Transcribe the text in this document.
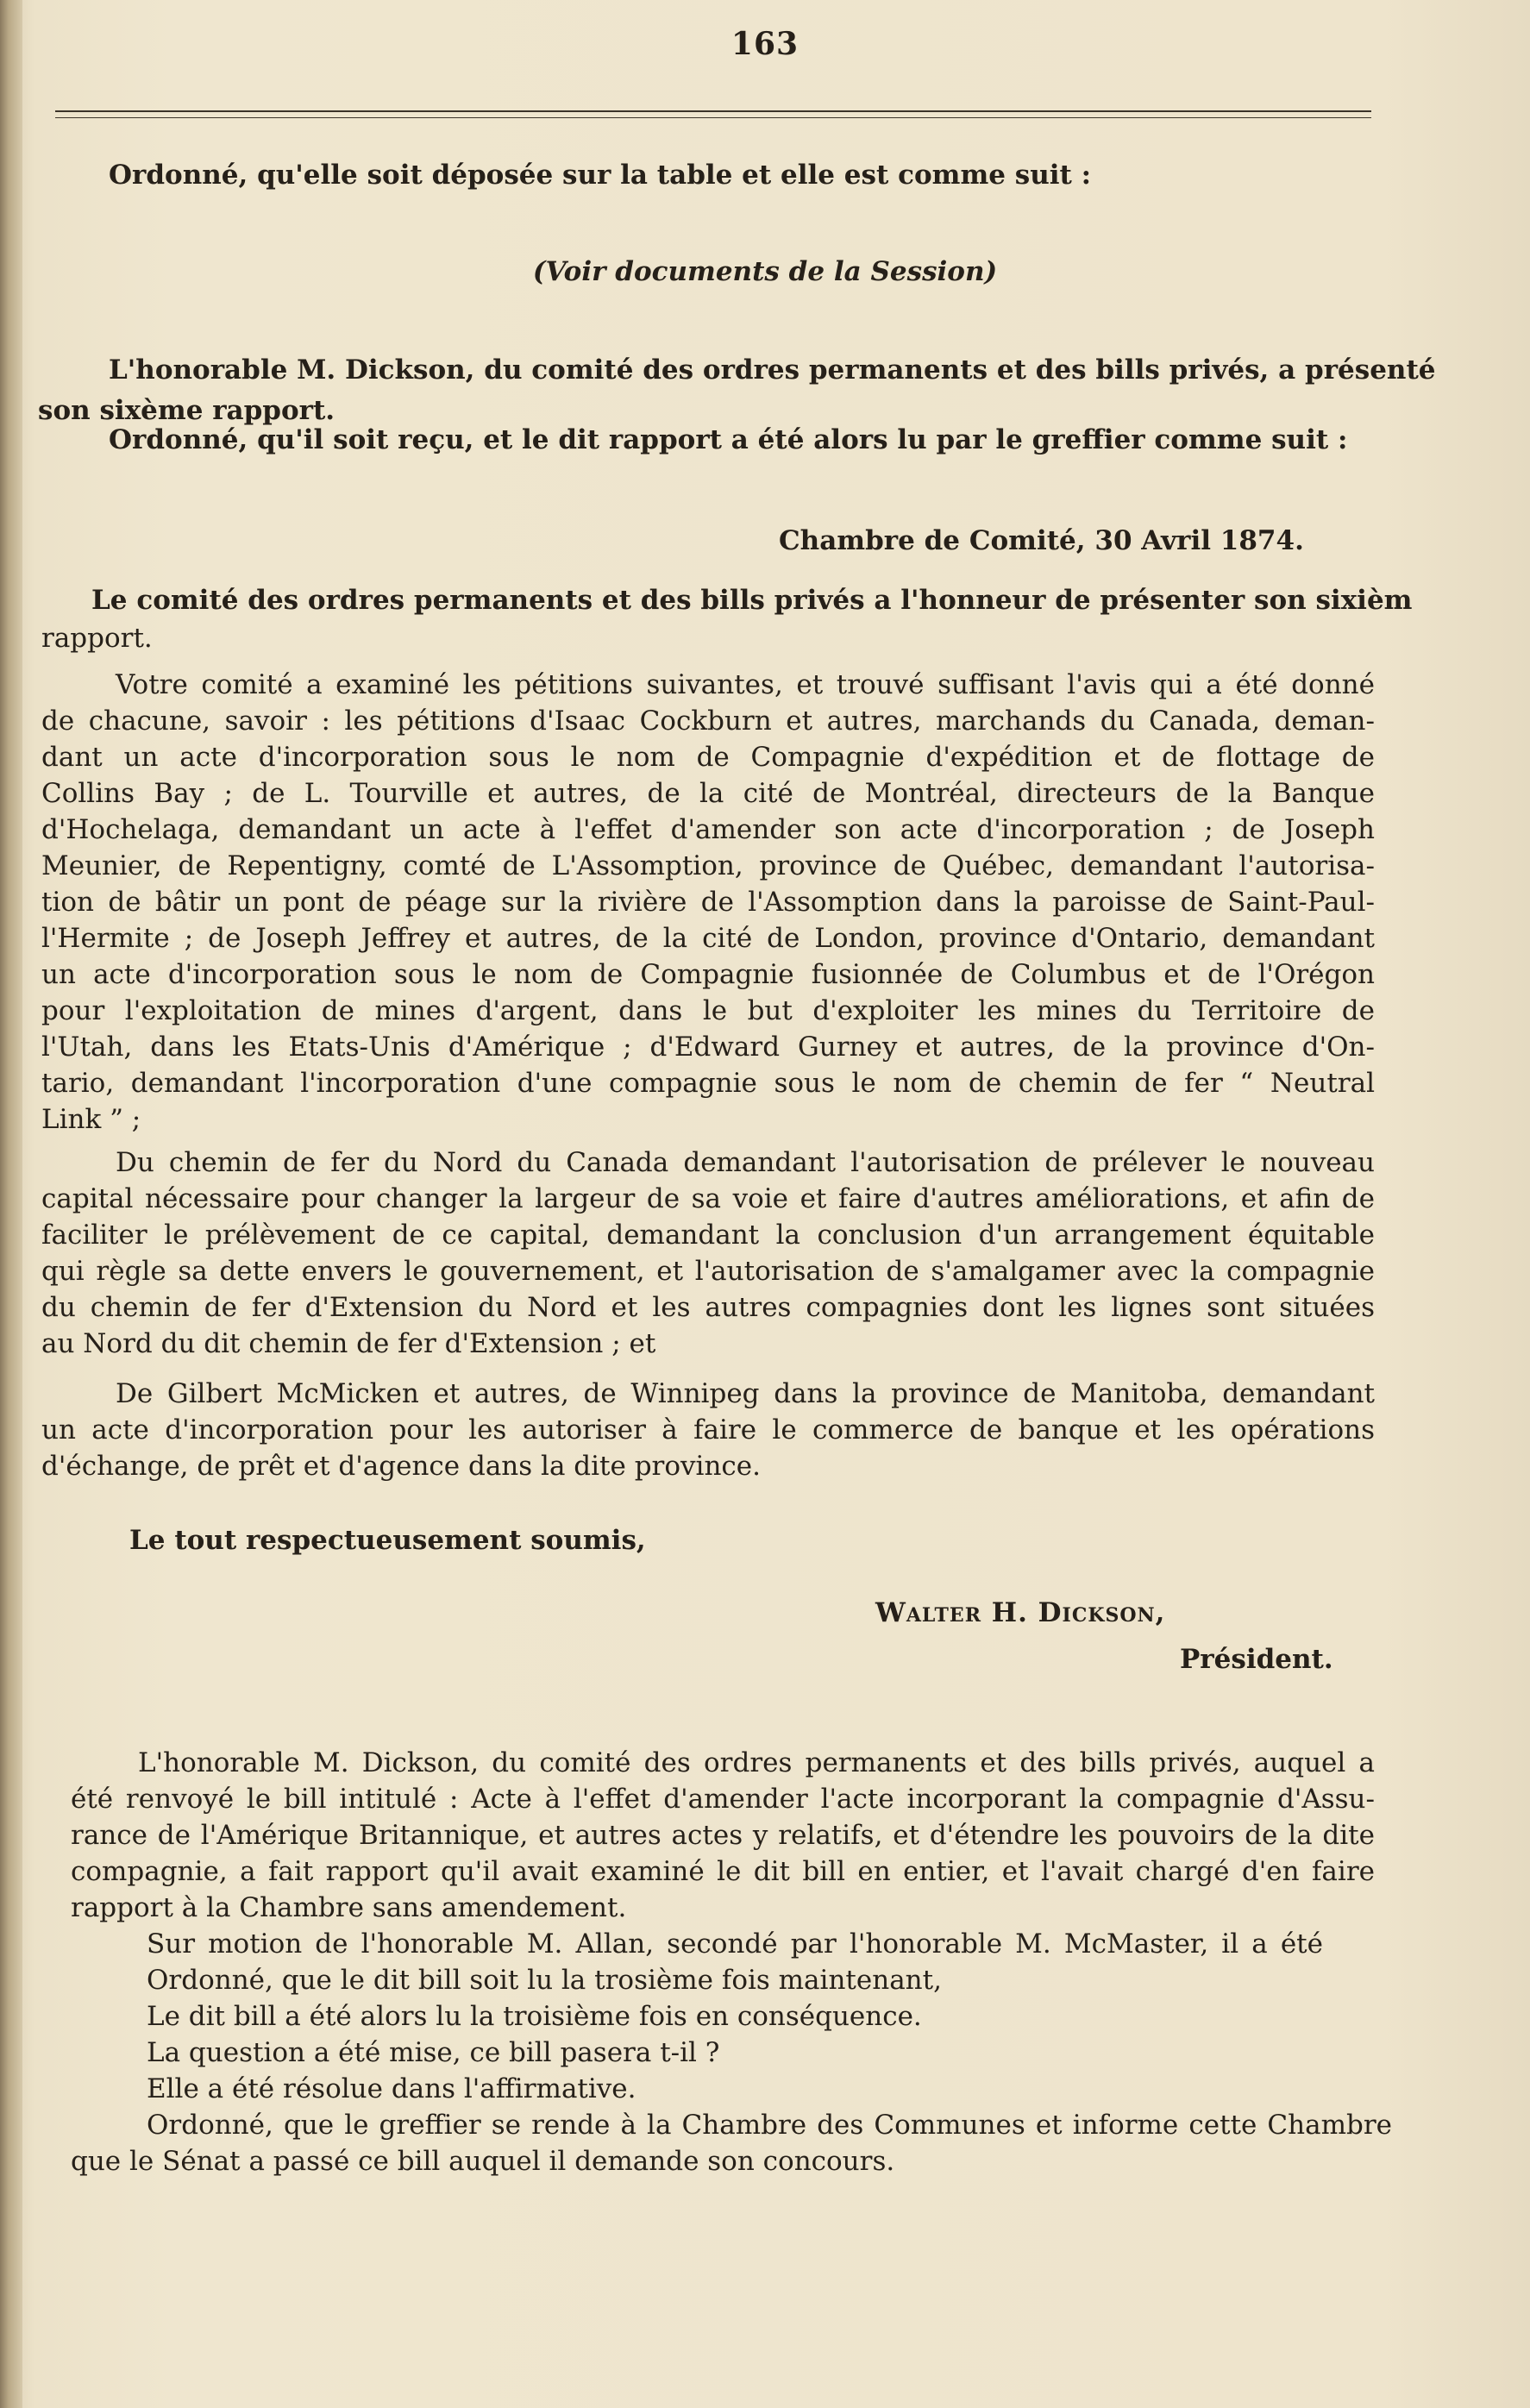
163
Ordonné, qu'elle soit déposée sur la table et elle est comme suit :
(Voir documents de la Session)
L'honorable M. Dickson, du comité des ordres permanents et des bills privés, a présenté
son sixème rapport.
Ordonné, qu'il soit reçu, et le dit rapport a été alors lu par le greffier comme suit :
Chambre de Comité, 30 Avril 1874.
Le comité des ordres permanents et des bills privés a l'honneur de présenter son sixièm
rapport.
Votre comité a examiné les pétitions suivantes, et trouvé suffisant l'avis qui a été donné
de chacune, savoir : les pétitions d'Isaac Cockburn et autres, marchands du Canada, deman-
dant un acte d'incorporation sous le nom de Compagnie d'expédition et de flottage de
Collins Bay ; de L. Tourville et autres, de la cité de Montréal, directeurs de la Banque
d'Hochelaga, demandant un acte à l'effet d'amender son acte d'incorporation ; de Joseph
Meunier, de Repentigny, comté de L'Assomption, province de Québec, demandant l'autorisa-
tion de bâtir un pont de péage sur la rivière de l'Assomption dans la paroisse de Saint-Paul-
l'Hermite ; de Joseph Jeffrey et autres, de la cité de London, province d'Ontario, demandant
un acte d'incorporation sous le nom de Compagnie fusionnée de Columbus et de l'Orégon
pour l'exploitation de mines d'argent, dans le but d'exploiter les mines du Territoire de
l'Utah, dans les Etats-Unis d'Amérique ; d'Edward Gurney et autres, de la province d'On-
tario, demandant l'incorporation d'une compagnie sous le nom de chemin de fer “ Neutral
Link ” ;
Du chemin de fer du Nord du Canada demandant l'autorisation de prélever le nouveau
capital nécessaire pour changer la largeur de sa voie et faire d'autres améliorations, et afin de
faciliter le prélèvement de ce capital, demandant la conclusion d'un arrangement équitable
qui règle sa dette envers le gouvernement, et l'autorisation de s'amalgamer avec la compagnie
du chemin de fer d'Extension du Nord et les autres compagnies dont les lignes sont situées
au Nord du dit chemin de fer d'Extension ; et
De Gilbert McMicken et autres, de Winnipeg dans la province de Manitoba, demandant
un acte d'incorporation pour les autoriser à faire le commerce de banque et les opérations
d'échange, de prêt et d'agence dans la dite province.
Le tout respectueusement soumis,
Walter H. Dickson,
Président.
L'honorable M. Dickson, du comité des ordres permanents et des bills privés, auquel a
été renvoyé le bill intitulé : Acte à l'effet d'amender l'acte incorporant la compagnie d'Assu-
rance de l'Amérique Britannique, et autres actes y relatifs, et d'étendre les pouvoirs de la dite
compagnie, a fait rapport qu'il avait examiné le dit bill en entier, et l'avait chargé d'en faire
rapport à la Chambre sans amendement.
Sur motion de l'honorable M. Allan, secondé par l'honorable M. McMaster, il a été
Ordonné, que le dit bill soit lu la trosième fois maintenant,
Le dit bill a été alors lu la troisième fois en conséquence.
La question a été mise, ce bill pasera t-il ?
Elle a été résolue dans l'affirmative.
Ordonné, que le greffier se rende à la Chambre des Communes et informe cette Chambre
que le Sénat a passé ce bill auquel il demande son concours.
